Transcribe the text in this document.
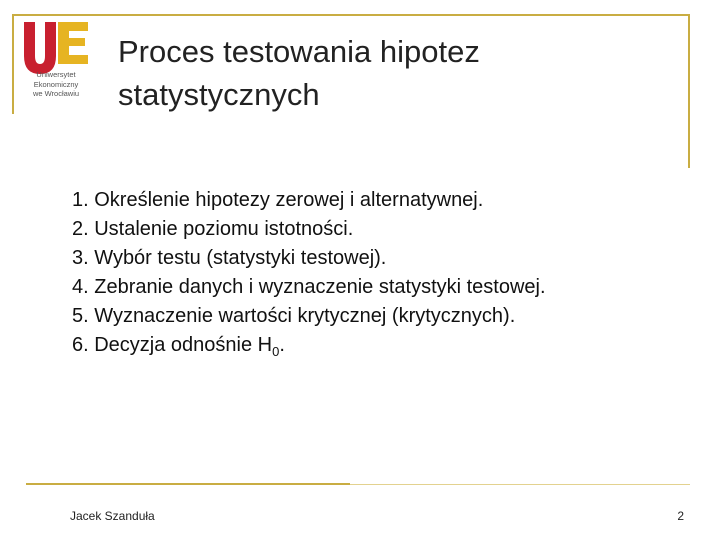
Uniwersytet
Ekonomiczny
we Wrocławiu
Proces testowania hipotez
statystycznych
1. Określenie hipotezy zerowej i alternatywnej.
2. Ustalenie poziomu istotności.
3. Wybór testu (statystyki testowej).
4. Zebranie danych i wyznaczenie statystyki testowej.
5. Wyznaczenie wartości krytycznej (krytycznych).
6. Decyzja odnośnie $H_0$.
Jacek Szanduła	2
